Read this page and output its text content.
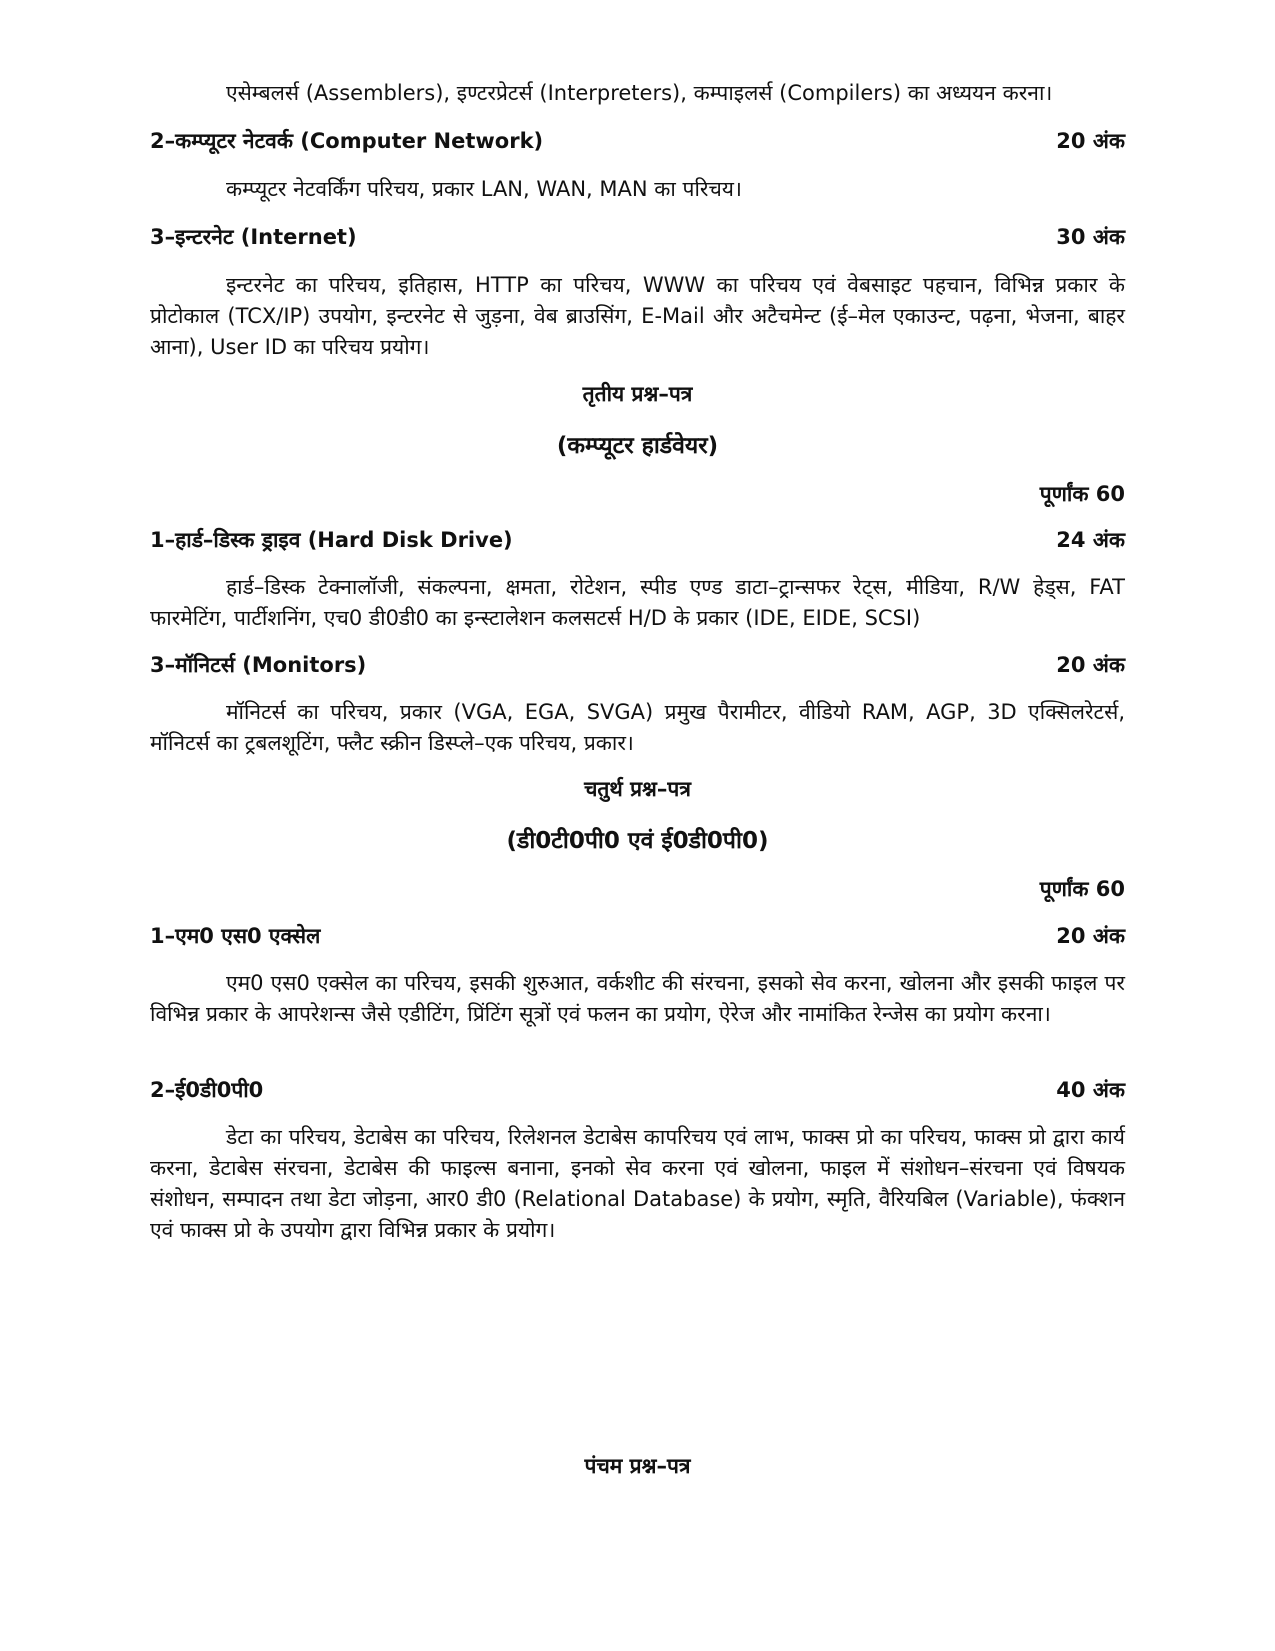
एसेम्बलर्स (Assemblers), इण्टरप्रेटर्स (Interpreters), कम्पाइलर्स (Compilers) का अध्ययन करना।

2–कम्प्यूटर नेटवर्क (Computer Network)	20 अंक

कम्प्यूटर नेटवर्किंग परिचय, प्रकार LAN, WAN, MAN का परिचय।

3–इन्टरनेट (Internet)	30 अंक

इन्टरनेट का परिचय, इतिहास, HTTP का परिचय, WWW का परिचय एवं वेबसाइट पहचान, विभिन्न प्रकार के प्रोटोकाल (TCX/IP) उपयोग, इन्टरनेट से जुड़ना, वेब ब्राउसिंग, E-Mail और अटैचमेन्ट (ई–मेल एकाउन्ट, पढ़ना, भेजना, बाहर आना), User ID का परिचय प्रयोग।

तृतीय प्रश्न–पत्र
(कम्प्यूटर हार्डवेयर)
पूर्णांक 60
1–हार्ड–डिस्क ड्राइव (Hard Disk Drive)	24 अंक

हार्ड–डिस्क टेक्नालॉजी, संकल्पना, क्षमता, रोटेशन, स्पीड एण्ड डाटा–ट्रान्सफर रेट्स, मीडिया, R/W हेड्स, FAT फारमेटिंग, पार्टीशनिंग, एच0 डी0डी0 का इन्स्टालेशन कलसटर्स H/D के प्रकार (IDE, EIDE, SCSI)

3–मॉनिटर्स (Monitors)	20 अंक

मॉनिटर्स का परिचय, प्रकार (VGA, EGA, SVGA) प्रमुख पैरामीटर, वीडियो RAM, AGP, 3D एक्सिलरेटर्स, मॉनिटर्स का ट्रबलशूटिंग, फ्लैट स्क्रीन डिस्प्ले–एक परिचय, प्रकार।

चतुर्थ प्रश्न–पत्र
(डी0टी0पी0 एवं ई0डी0पी0)
पूर्णांक 60
1–एम0 एस0 एक्सेल	20 अंक

एम0 एस0 एक्सेल का परिचय, इसकी शुरुआत, वर्कशीट की संरचना, इसको सेव करना, खोलना और इसकी फाइल पर विभिन्न प्रकार के आपरेशन्स जैसे एडीटिंग, प्रिंटिंग सूत्रों एवं फलन का प्रयोग, ऐरेज और नामांकित रेन्जेस का प्रयोग करना।

2–ई0डी0पी0	40 अंक

डेटा का परिचय, डेटाबेस का परिचय, रिलेशनल डेटाबेस कापरिचय एवं लाभ, फाक्स प्रो का परिचय, फाक्स प्रो द्वारा कार्य करना, डेटाबेस संरचना, डेटाबेस की फाइल्स बनाना, इनको सेव करना एवं खोलना, फाइल में संशोधन–संरचना एवं विषयक संशोधन, सम्पादन तथा डेटा जोड़ना, आर0 डी0 (Relational Database) के प्रयोग, स्मृति, वैरियबिल (Variable), फंक्शन एवं फाक्स प्रो के उपयोग द्वारा विभिन्न प्रकार के प्रयोग।

पंचम प्रश्न–पत्र
